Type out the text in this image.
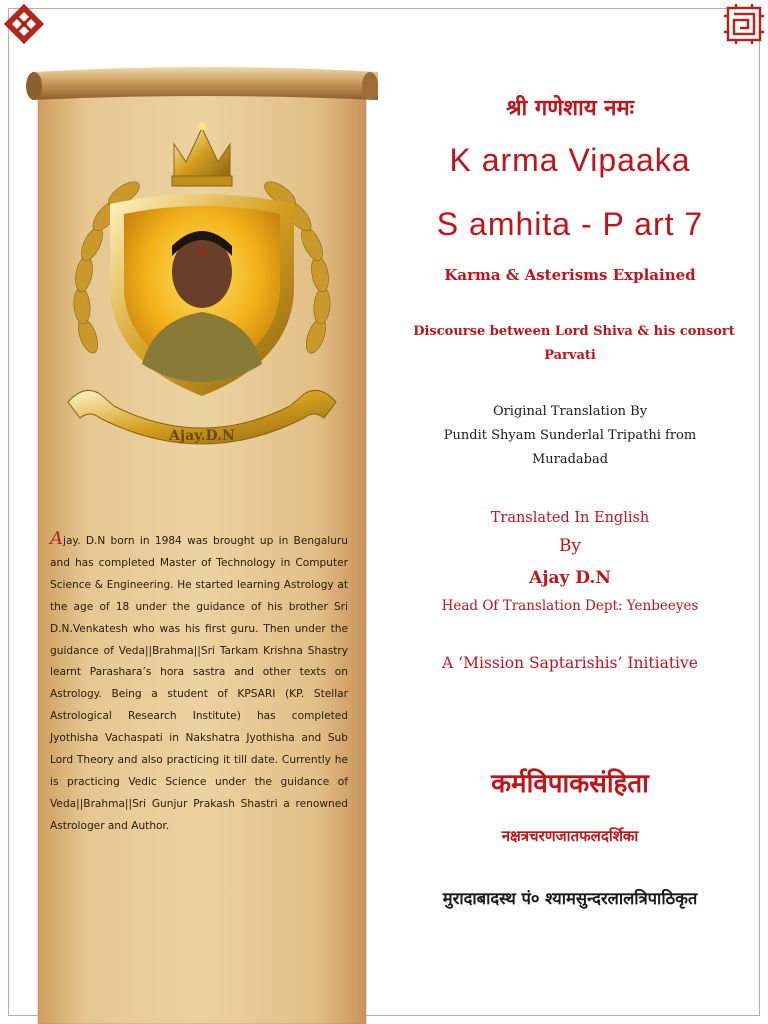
Ajay.D.N
Ajay. D.N born in 1984 was brought up in Bengaluru and has completed Master of Technology in Computer Science & Engineering. He started learning Astrology at the age of 18 under the guidance of his brother Sri D.N.Venkatesh who was his first guru. Then under the guidance of Veda||Brahma||Sri Tarkam Krishna Shastry learnt Parashara’s hora sastra and other texts on Astrology. Being a student of KPSARI (KP. Stellar Astrological Research Institute) has completed Jyothisha Vachaspati in Nakshatra Jyothisha and Sub Lord Theory and also practicing it till date. Currently he is practicing Vedic Science under the guidance of Veda||Brahma||Sri Gunjur Prakash Shastri a renowned Astrologer and Author.
श्री गणेशाय नमः
K arma Vipaaka
S amhita - P art 7
Karma & Asterisms Explained
Discourse between Lord Shiva & his consort
Parvati
Original Translation By
Pundit Shyam Sunderlal Tripathi from
Muradabad
Translated In English
By
Ajay D.N
Head Of Translation Dept: Yenbeeyes
A ‘Mission Saptarishis’ Initiative
कर्मविपाकसंहिता
नक्षत्रचरणजातफलदर्शिका
मुरादाबादस्थ पं० श्यामसुन्दरलालत्रिपाठिकृत
